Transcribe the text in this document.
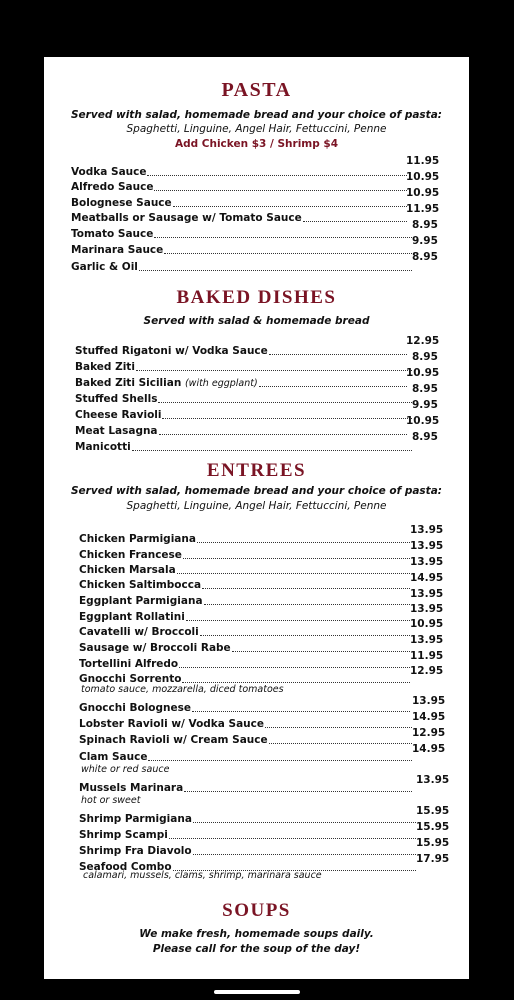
PASTA
Served with salad, homemade bread and your choice of pasta:
Spaghetti, Linguine, Angel Hair, Fettuccini, Penne
Add Chicken $3 / Shrimp $4
Vodka Sauce
11.95
Alfredo Sauce
10.95
Bolognese Sauce
10.95
Meatballs or Sausage w/ Tomato Sauce
11.95
Tomato Sauce
8.95
Marinara Sauce
9.95
Garlic & Oil
8.95
BAKED DISHES
Served with salad & homemade bread
Stuffed Rigatoni w/ Vodka Sauce
12.95
Baked Ziti
8.95
Baked Ziti Sicilian (with eggplant)
10.95
Stuffed Shells
8.95
Cheese Ravioli
9.95
Meat Lasagna
10.95
Manicotti
8.95
ENTREES
Served with salad, homemade bread and your choice of pasta:
Spaghetti, Linguine, Angel Hair, Fettuccini, Penne
Chicken Parmigiana
13.95
Chicken Francese
13.95
Chicken Marsala
13.95
Chicken Saltimbocca
14.95
Eggplant Parmigiana
13.95
Eggplant Rollatini
13.95
Cavatelli w/ Broccoli
10.95
Sausage w/ Broccoli Rabe
13.95
Tortellini Alfredo
11.95
Gnocchi Sorrento
12.95
tomato sauce, mozzarella, diced tomatoes
Gnocchi Bolognese
13.95
Lobster Ravioli w/ Vodka Sauce
14.95
Spinach Ravioli w/ Cream Sauce
12.95
Clam Sauce
14.95
white or red sauce
Mussels Marinara
13.95
hot or sweet
Shrimp Parmigiana
15.95
Shrimp Scampi
15.95
Shrimp Fra Diavolo
15.95
Seafood Combo
17.95
calamari, mussels, clams, shrimp, marinara sauce
SOUPS
We make fresh, homemade soups daily.
Please call for the soup of the day!
